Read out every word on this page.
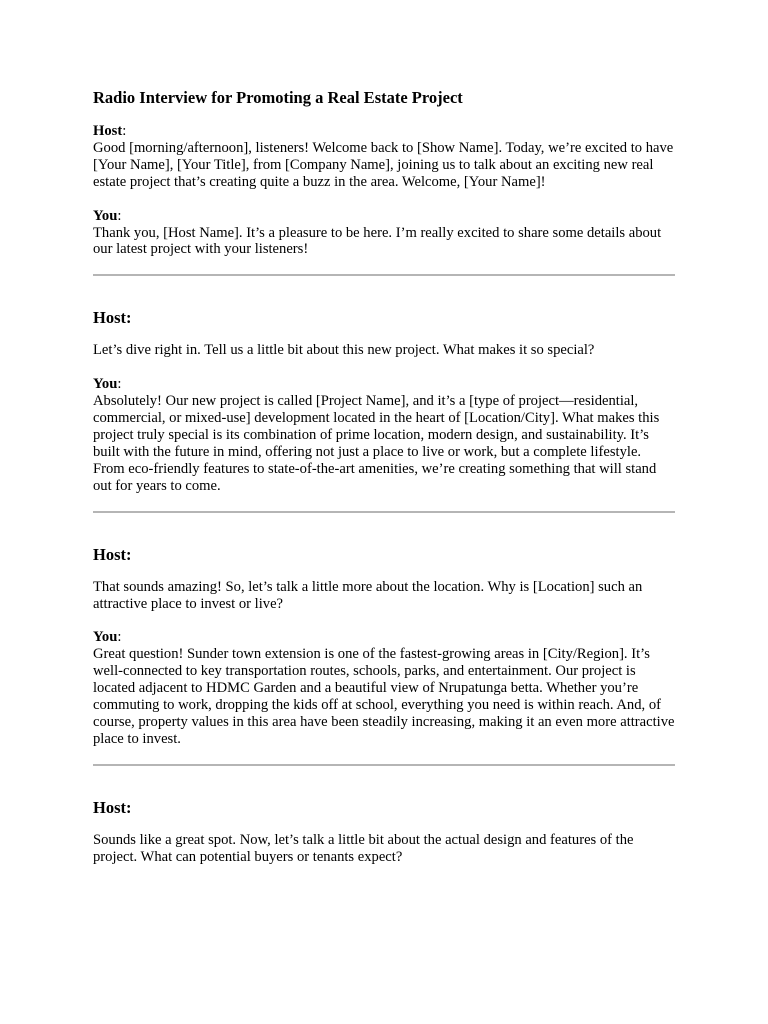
Radio Interview for Promoting a Real Estate Project

Host:

Good [morning/afternoon], listeners! Welcome back to [Show Name]. Today, we’re excited to have [Your Name], [Your Title], from [Company Name], joining us to talk about an exciting new real estate project that’s creating quite a buzz in the area. Welcome, [Your Name]!

You:

Thank you, [Host Name]. It’s a pleasure to be here. I’m really excited to share some details about our latest project with your listeners!

Host:

Let’s dive right in. Tell us a little bit about this new project. What makes it so special?

You:

Absolutely! Our new project is called [Project Name], and it’s a [type of project—residential, commercial, or mixed-use] development located in the heart of [Location/City]. What makes this project truly special is its combination of prime location, modern design, and sustainability. It’s built with the future in mind, offering not just a place to live or work, but a complete lifestyle. From eco-friendly features to state-of-the-art amenities, we’re creating something that will stand out for years to come.

Host:

That sounds amazing! So, let’s talk a little more about the location. Why is [Location] such an attractive place to invest or live?

You:

Great question! Sunder town extension is one of the fastest-growing areas in [City/Region]. It’s well-connected to key transportation routes, schools, parks, and entertainment. Our project is located adjacent to HDMC Garden and a beautiful view of Nrupatunga betta. Whether you’re commuting to work, dropping the kids off at school, everything you need is within reach. And, of course, property values in this area have been steadily increasing, making it an even more attractive place to invest.

Host:

Sounds like a great spot. Now, let’s talk a little bit about the actual design and features of the project. What can potential buyers or tenants expect?
